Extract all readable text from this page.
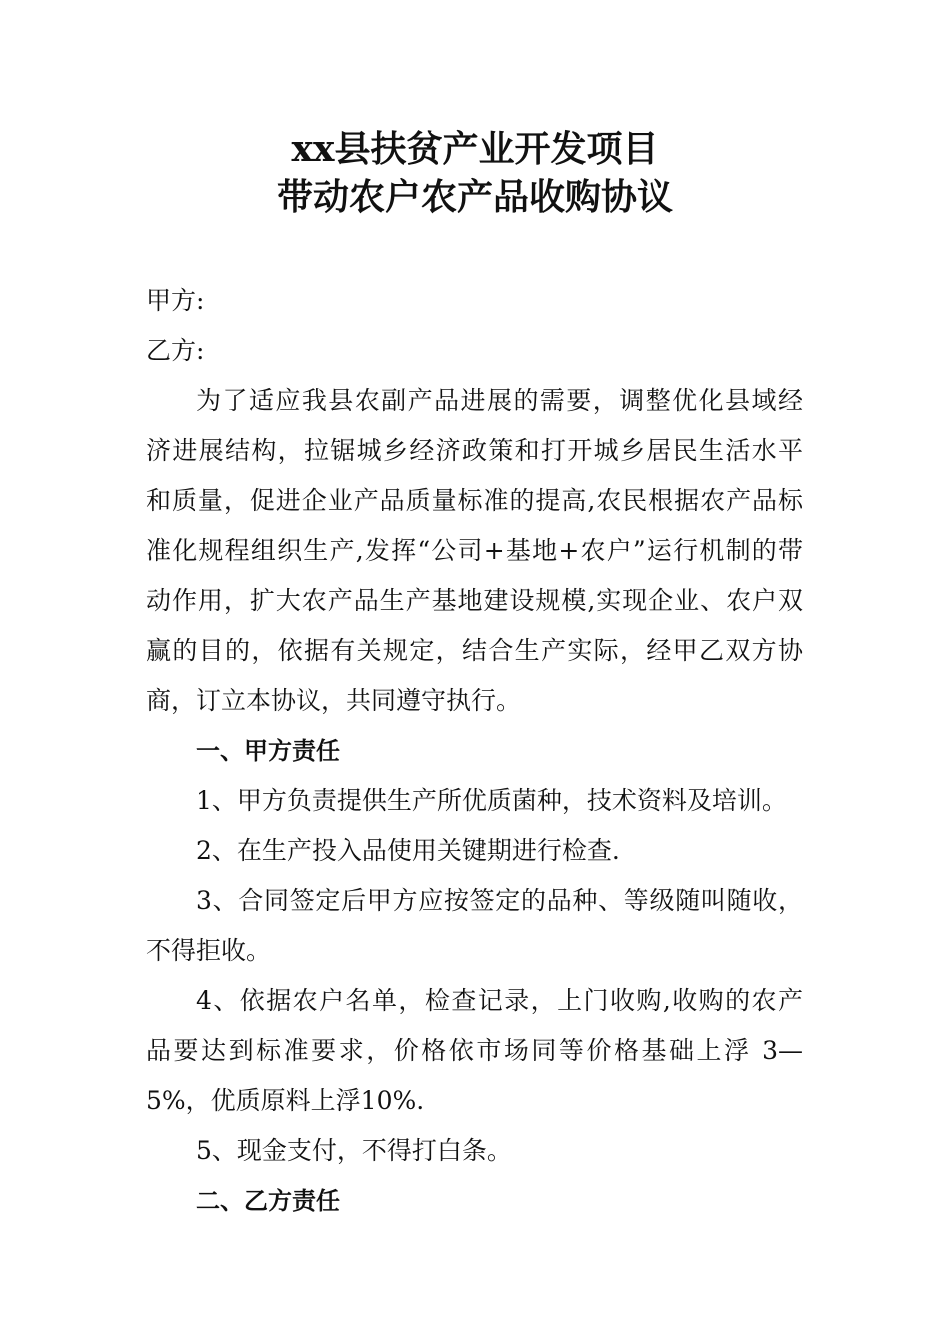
xx县扶贫产业开发项目
带动农户农产品收购协议
甲方:
乙方:
为了适应我县农副产品进展的需要，调整优化县域经
济进展结构，拉锯城乡经济政策和打开城乡居民生活水平
和质量，促进企业产品质量标准的提高,农民根据农产品标
准化规程组织生产,发挥“公司+基地+农户”运行机制的带
动作用，扩大农产品生产基地建设规模,实现企业、农户双
赢的目的，依据有关规定，结合生产实际，经甲乙双方协
商，订立本协议，共同遵守执行。
一、甲方责任
1、甲方负责提供生产所优质菌种，技术资料及培训。
2、在生产投入品使用关键期进行检查.
3、合同签定后甲方应按签定的品种、等级随叫随收，
不得拒收。
4、依据农户名单，检查记录，上门收购,收购的农产
品要达到标准要求，价格依市场同等价格基础上浮 3—
5%，优质原料上浮10%.
5、现金支付，不得打白条。
二、乙方责任
